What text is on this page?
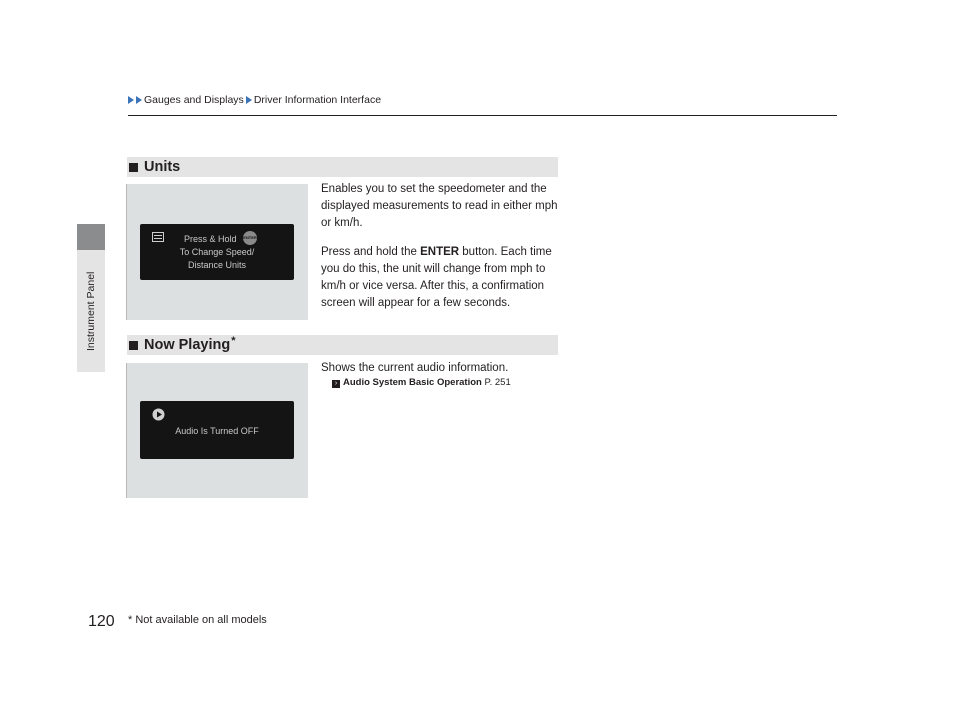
Instrument Panel
Gauges and Displays Driver Information Interface
Units
Press & Hold ENTER
To Change Speed/
Distance Units

Enables you to set the speedometer and the displayed measurements to read in either mph or km/h.

Press and hold the ENTER button. Each time you do this, the unit will change from mph to km/h or vice versa. After this, a confirmation screen will appear for a few seconds.

Now Playing *
Audio Is Turned OFF
Shows the current audio information.
› Audio System Basic Operation P. 251
120 * Not available on all models
